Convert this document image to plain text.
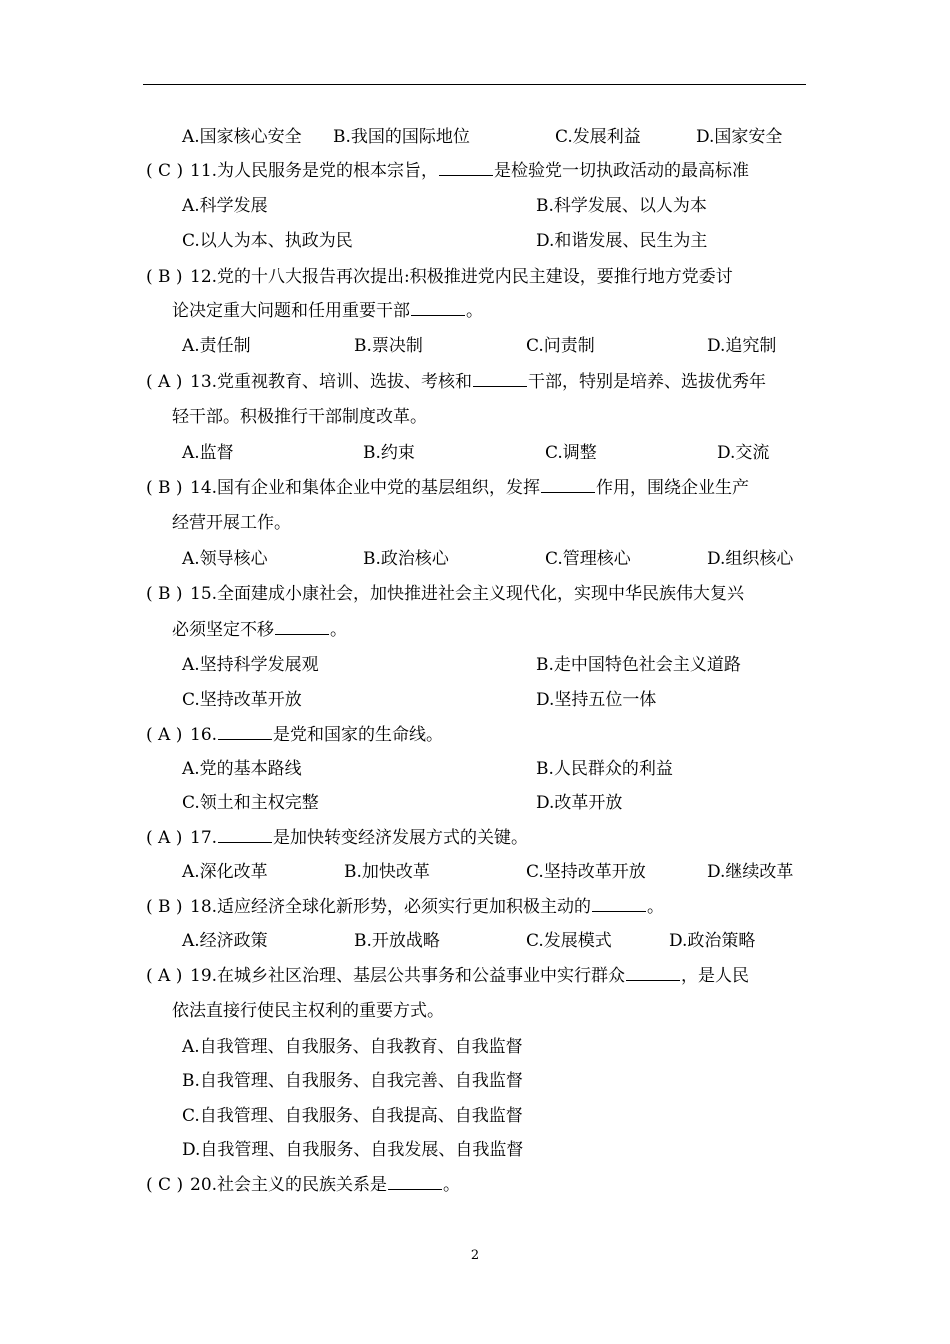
A.国家核心安全 B.我国的国际地位	C.发展利益	D.国家安全
( C ) 11.为人民服务是党的根本宗旨，	是检验党一切执政活动的最高标准
A.科学发展	B.科学发展、以人为本
C.以人为本、执政为民	D.和谐发展、民生为主
( B ) 12.党的十八大报告再次提出:积极推进党内民主建设，要推行地方党委讨
论决定重大问题和任用重要干部	。
A.责任制	B.票决制	C.问责制	D.追究制
( A ) 13.党重视教育、培训、选拔、考核和	干部，特别是培养、选拔优秀年
轻干部。积极推行干部制度改革。
A.监督	B.约束	C.调整	D.交流
( B ) 14.国有企业和集体企业中党的基层组织，发挥	作用，围绕企业生产
经营开展工作。
A.领导核心	B.政治核心	C.管理核心	D.组织核心
( B ) 15.全面建成小康社会，加快推进社会主义现代化，实现中华民族伟大复兴
必须坚定不移	。
A.坚持科学发展观	B.走中国特色社会主义道路
C.坚持改革开放	D.坚持五位一体
( A ) 16.	是党和国家的生命线。
A.党的基本路线	B.人民群众的利益
C.领土和主权完整	D.改革开放
( A ) 17.	是加快转变经济发展方式的关键。
A.深化改革	B.加快改革	C.坚持改革开放	D.继续改革
( B ) 18.适应经济全球化新形势，必须实行更加积极主动的	。
A.经济政策	B.开放战略	C.发展模式	D.政治策略
( A ) 19.在城乡社区治理、基层公共事务和公益事业中实行群众	，是人民
依法直接行使民主权利的重要方式。
A.自我管理、自我服务、自我教育、自我监督
B.自我管理、自我服务、自我完善、自我监督
C.自我管理、自我服务、自我提高、自我监督
D.自我管理、自我服务、自我发展、自我监督
( C ) 20.社会主义的民族关系是	。
2
